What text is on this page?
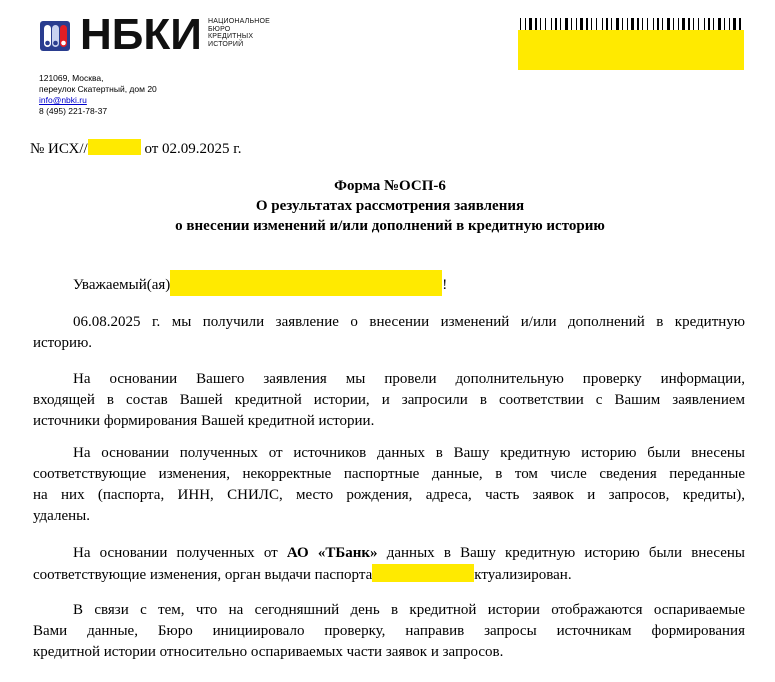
НБКИ НАЦИОНАЛЬНОЕ
БЮРО
КРЕДИТНЫХ
ИСТОРИЙ
121069, Москва,
переулок Скатертный, дом 20
info@nbki.ru
8 (495) 221-78-37
№ ИСХ//	от 02.09.2025 г.
Форма №ОСП-6
О результатах рассмотрения заявления
о внесении изменений и/или дополнений в кредитную историю
Уважаемый(ая)	!
06.08.2025 г. мы получили заявление о внесении изменений и/или дополнений в кредитную
историю.
На основании Вашего заявления мы провели дополнительную проверку информации,
входящей в состав Вашей кредитной истории, и запросили в соответствии с Вашим заявлением
источники формирования Вашей кредитной истории.
На основании полученных от источников данных в Вашу кредитную историю были внесены
соответствующие изменения, некорректные паспортные данные, в том числе сведения переданные
на них (паспорта, ИНН, СНИЛС, место рождения, адреса, часть заявок и запросов, кредиты),
удалены.
На основании полученных от АО «ТБанк» данных в Вашу кредитную историю были внесены
соответствующие изменения, орган выдачи паспорта	ктуализирован.
В связи с тем, что на сегодняшний день в кредитной истории отображаются оспариваемые
Вами данные, Бюро инициировало проверку, направив запросы источникам формирования
кредитной истории относительно оспариваемых части заявок и запросов.
